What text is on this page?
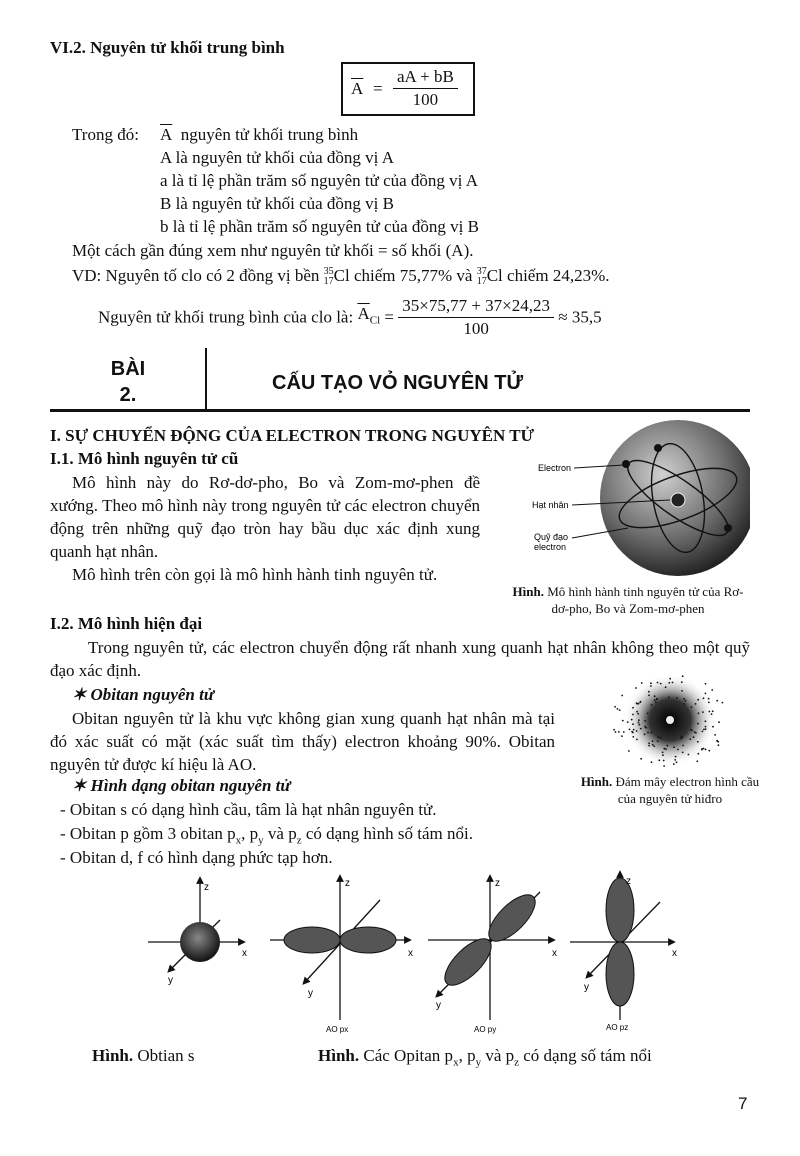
VI.2. Nguyên tử khối trung bình
$\overline{A} = \frac{aA + bB}{100}$
Trong đó: $\overline{A}$ nguyên tử khối trung bình
A là nguyên tử khối của đồng vị A
a là tỉ lệ phần trăm số nguyên tử của đồng vị A
B là nguyên tử khối của đồng vị B
b là tỉ lệ phần trăm số nguyên tử của đồng vị B
Một cách gần đúng xem như nguyên tử khối = số khối (A).
VD: Nguyên tố clo có 2 đồng vị bền 35
17 Cl chiếm 75,77% và 37
17 Cl chiếm 24,23%.
Nguyên tử khối trung bình của clo là: $\overline{A}_{Cl} = \frac{35\times 75,77 + 37\times 24,23}{100} \approx 35,5$
BÀI
2.
CẤU TẠO VỎ NGUYÊN TỬ
I. SỰ CHUYỂN ĐỘNG CỦA ELECTRON TRONG NGUYÊN TỬ
I.1. Mô hình nguyên tử cũ
Mô hình này do Rơ-dơ-pho, Bo và Zom-mơ-phen đề xướng. Theo mô hình này trong nguyên tử các electron chuyển động trên những quỹ đạo tròn hay bầu dục xác định xung quanh hạt nhân.
Mô hình trên còn gọi là mô hình hành tinh nguyên tử.
Electron
Hạt nhân
Quỹ đạo
electron
Hình. Mô hình hành tinh nguyên tử của Rơ-dơ-pho, Bo và Zom-mơ-phen
I.2. Mô hình hiện đại
Trong nguyên tử, các electron chuyển động rất nhanh xung quanh hạt nhân không theo một quỹ đạo xác định.
✶ Obitan nguyên tử
Obitan nguyên tử là khu vực không gian xung quanh hạt nhân mà tại đó xác suất có mặt (xác suất tìm thấy) electron khoảng 90%. Obitan nguyên tử được kí hiệu là AO.
Hình. Đám mây electron hình cầu của nguyên tử hiđro
✶ Hình dạng obitan nguyên tử
- Obitan s có dạng hình cầu, tâm là hạt nhân nguyên tử.
- Obitan p gồm 3 obitan $p_x$, $p_y$ và $p_z$ có dạng hình số tám nổi.
- Obitan d, f có hình dạng phức tạp hơn.
z
x
y
z
x
y
AO px
z
x
y
AO py
z
x
y
AO pz
Hình. Obtian s	Hình. Các Opitan $p_x$, $p_y$ và $p_z$ có dạng số tám nổi
7
